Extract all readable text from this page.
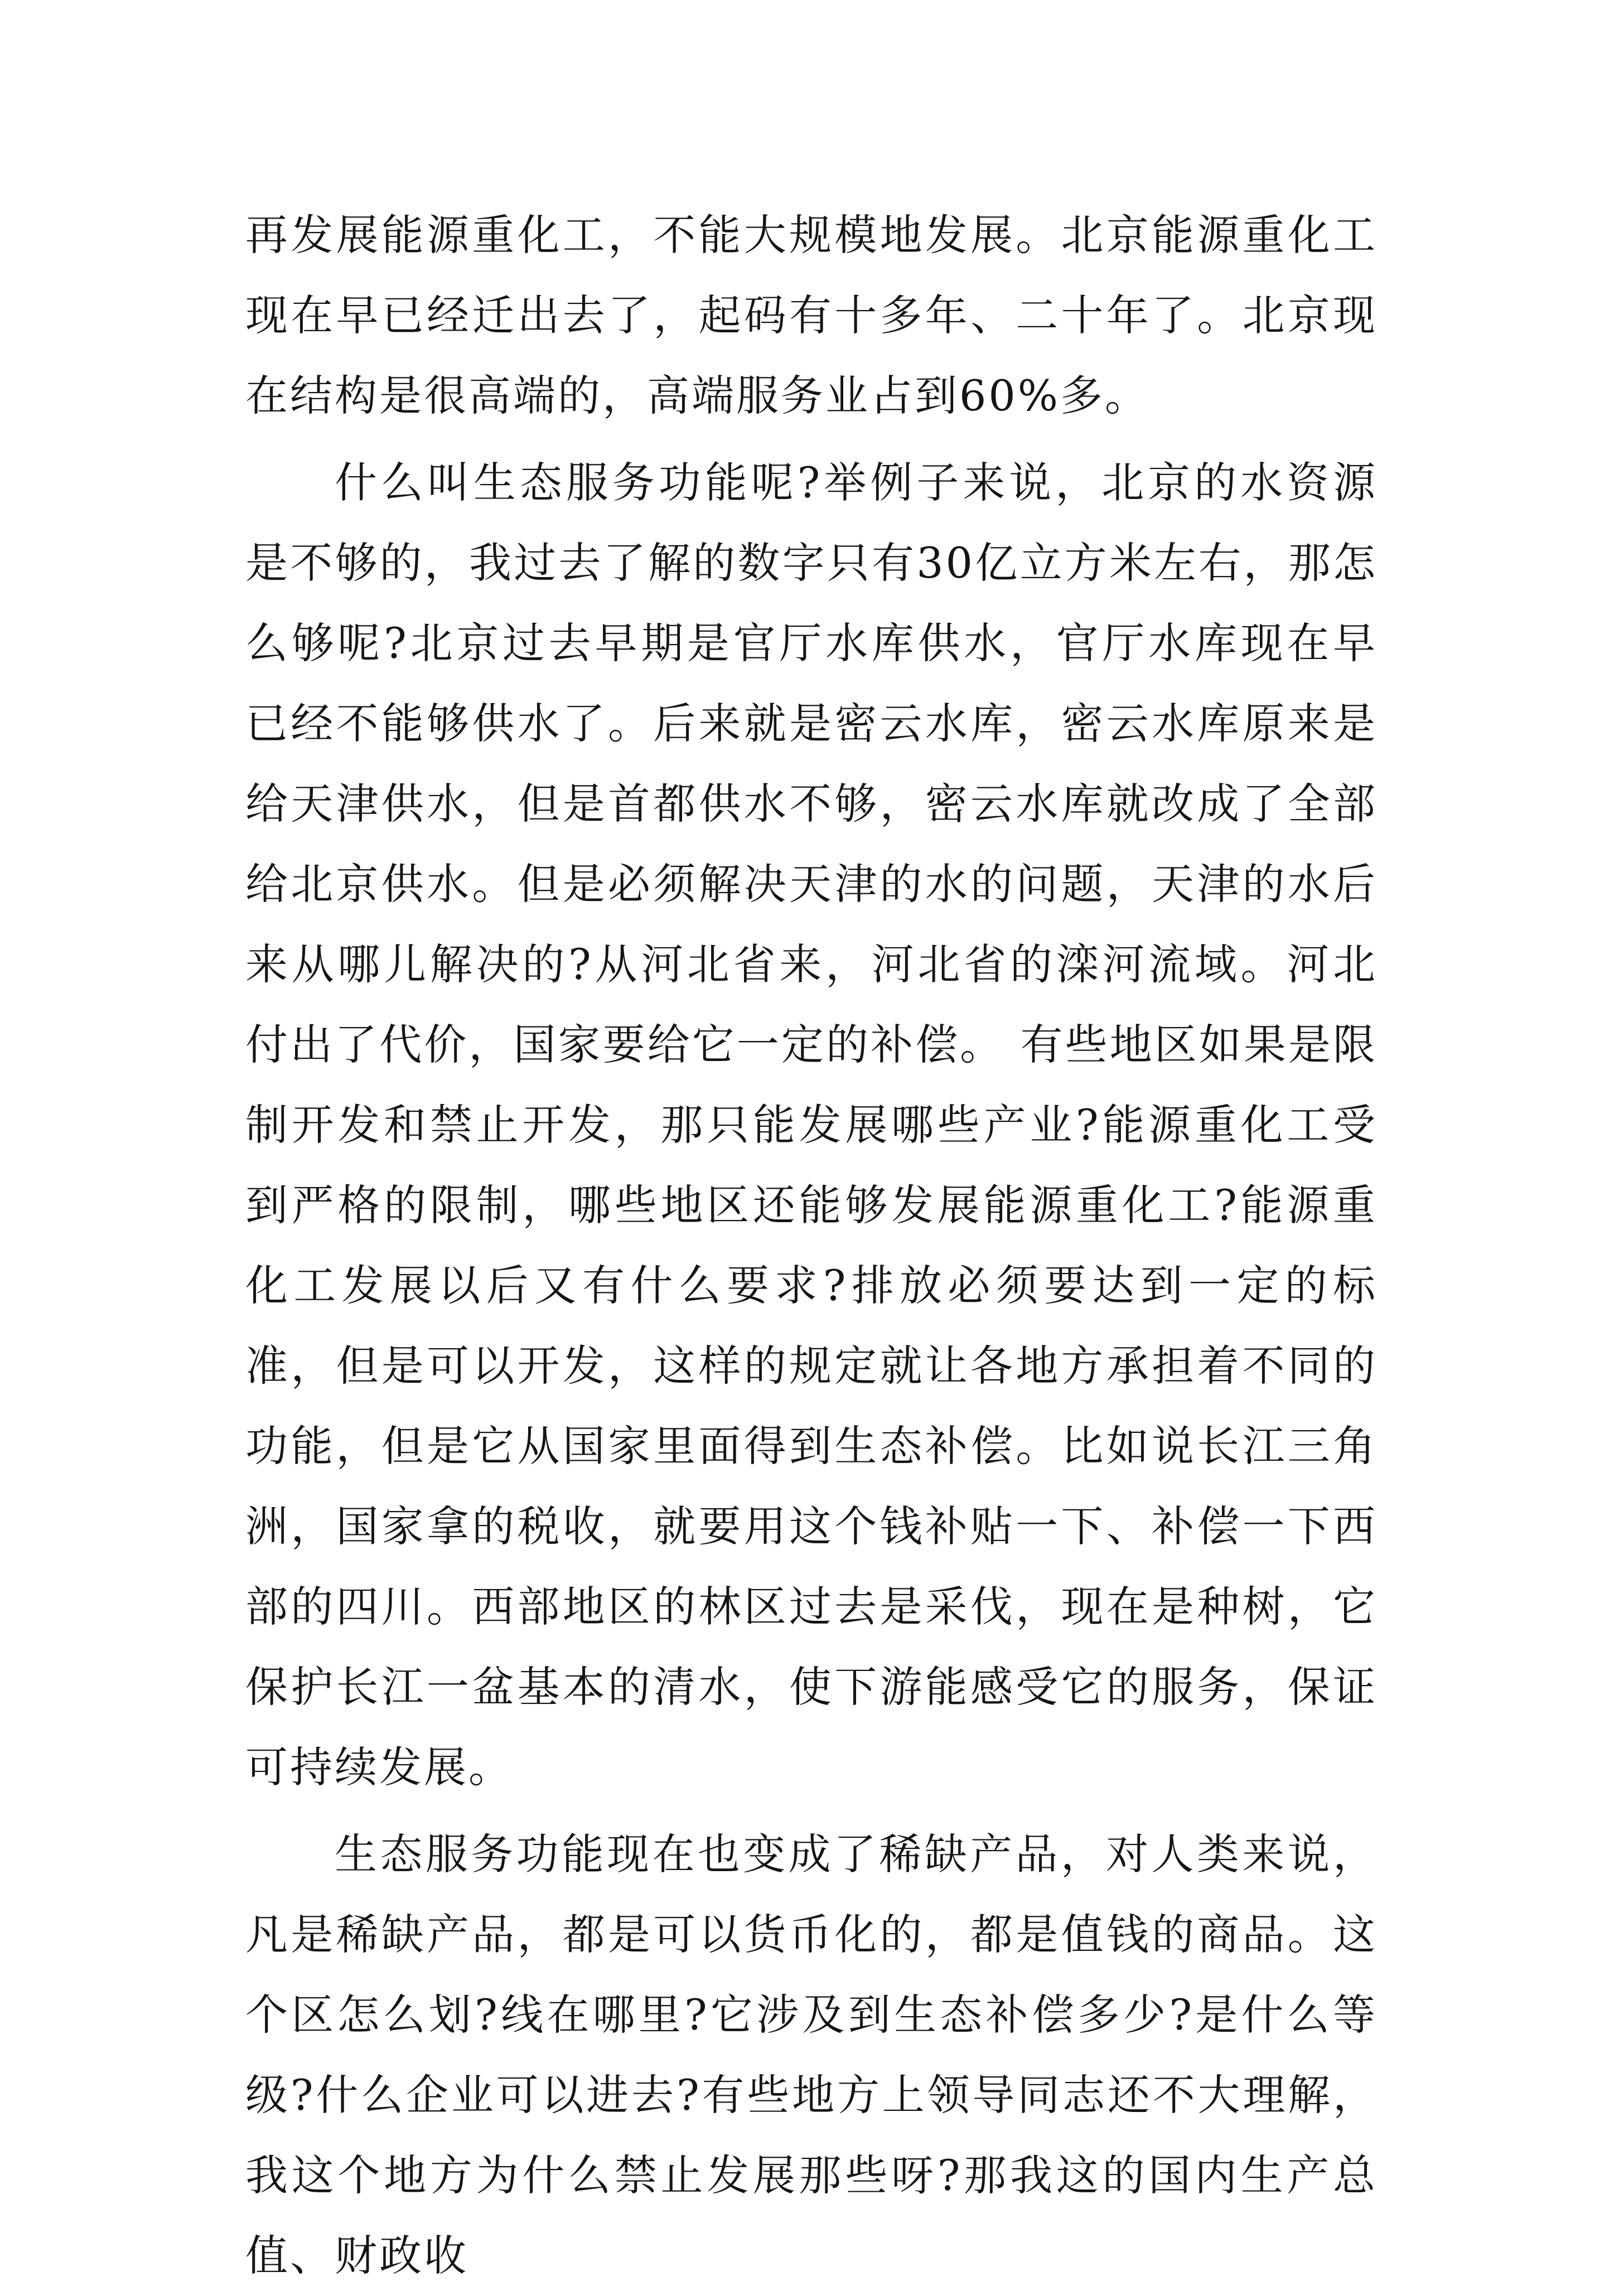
再发展能源重化工，不能大规模地发展。北京能源重化工现在早已经迁出去了，起码有十多年、二十年了。北京现在结构是很高端的，高端服务业占到60%多。

什么叫生态服务功能呢?举例子来说，北京的水资源是不够的，我过去了解的数字只有30亿立方米左右，那怎么够呢?北京过去早期是官厅水库供水，官厅水库现在早已经不能够供水了。后来就是密云水库，密云水库原来是给天津供水，但是首都供水不够，密云水库就改成了全部给北京供水。但是必须解决天津的水的问题，天津的水后来从哪儿解决的?从河北省来，河北省的滦河流域。河北付出了代价，国家要给它一定的补偿。 有些地区如果是限制开发和禁止开发，那只能发展哪些产业?能源重化工受到严格的限制，哪些地区还能够发展能源重化工?能源重化工发展以后又有什么要求?排放必须要达到一定的标准，但是可以开发，这样的规定就让各地方承担着不同的功能，但是它从国家里面得到生态补偿。比如说长江三角洲，国家拿的税收，就要用这个钱补贴一下、补偿一下西部的四川。西部地区的林区过去是采伐，现在是种树，它保护长江一盆基本的清水，使下游能感受它的服务，保证可持续发展。

生态服务功能现在也变成了稀缺产品，对人类来说，凡是稀缺产品，都是可以货币化的，都是值钱的商品。这个区怎么划?线在哪里?它涉及到生态补偿多少?是什么等级?什么企业可以进去?有些地方上领导同志还不大理解，我这个地方为什么禁止发展那些呀?那我这的国内生产总值、财政收
